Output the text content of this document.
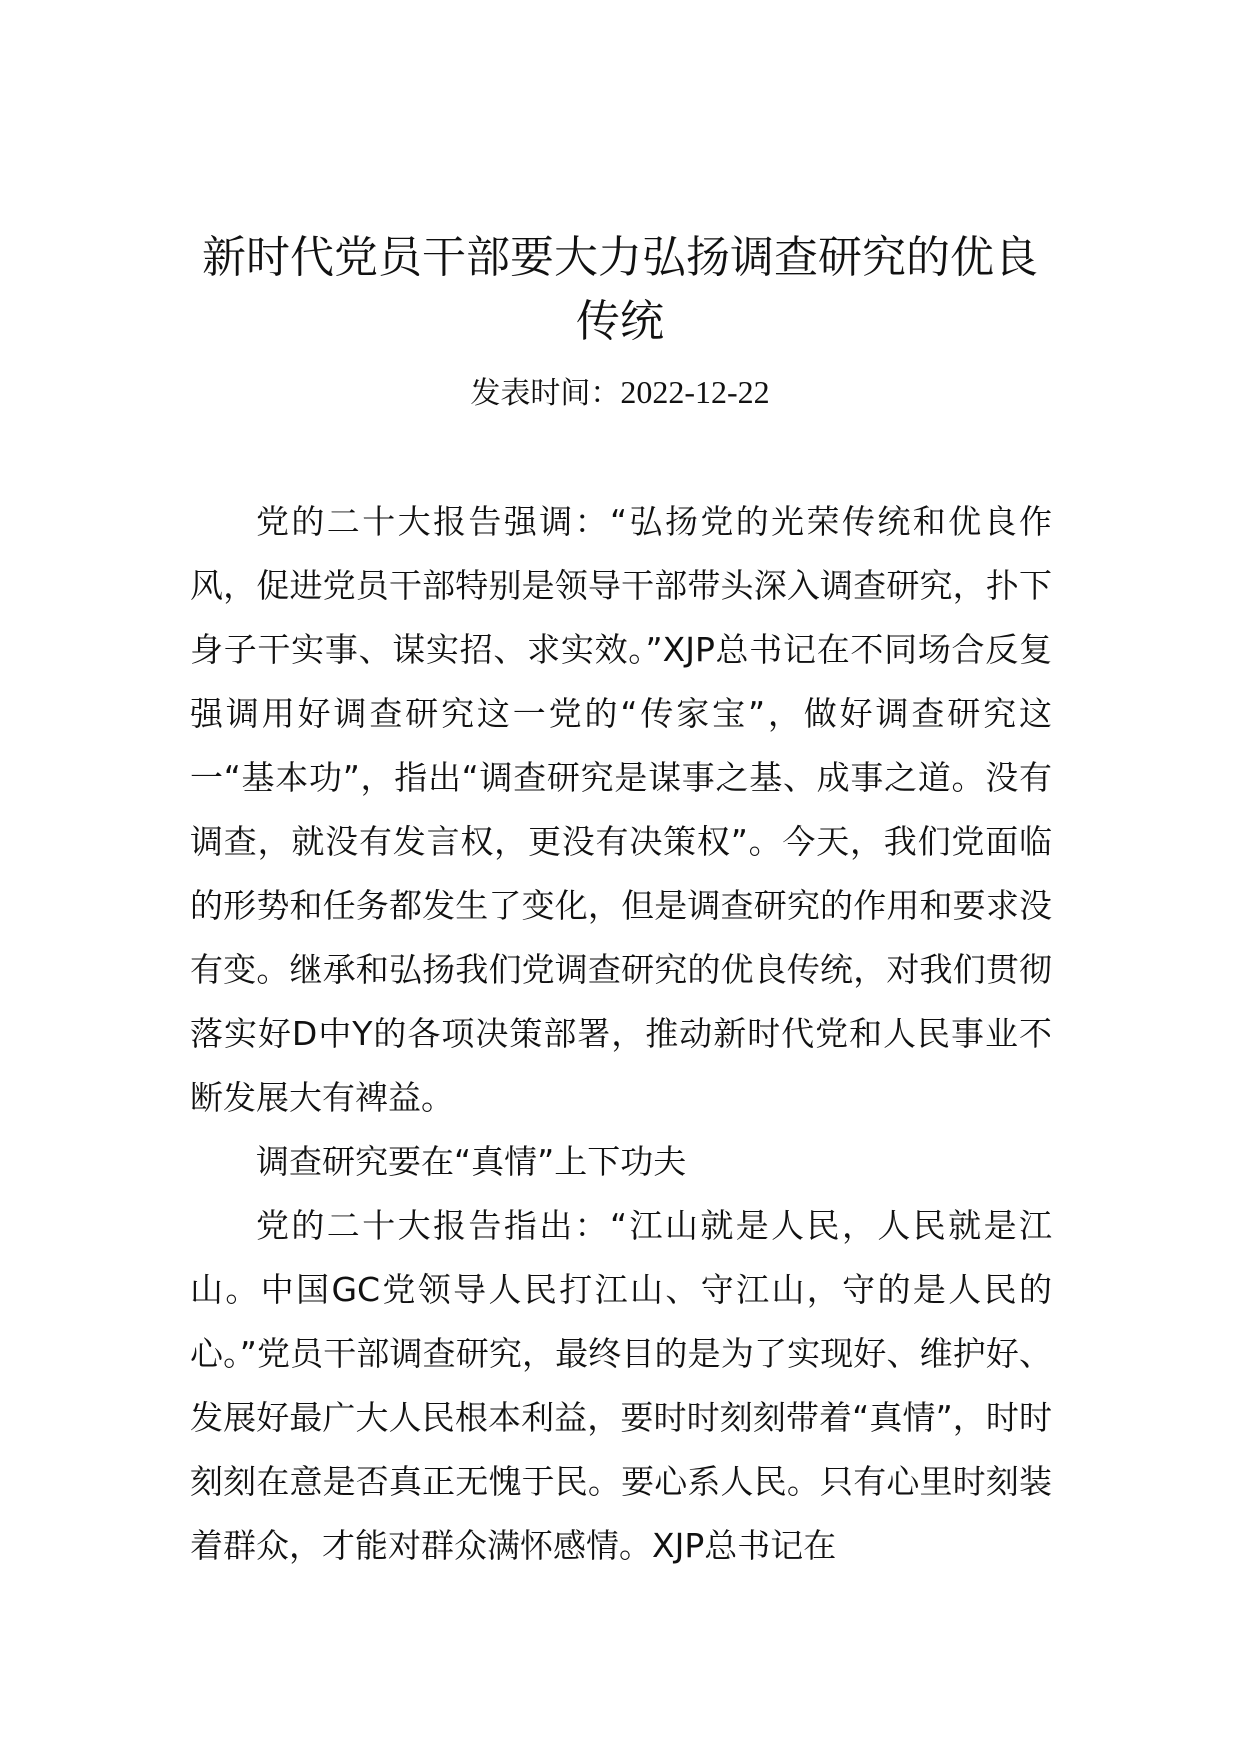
新时代党员干部要大力弘扬调查研究的优良传统
发表时间：2022-12-22

党的二十大报告强调：“弘扬党的光荣传统和优良作风，促进党员干部特别是领导干部带头深入调查研究，扑下身子干实事、谋实招、求实效。”XJP总书记在不同场合反复强调用好调查研究这一党的“传家宝”，做好调查研究这一“基本功”，指出“调查研究是谋事之基、成事之道。没有调查，就没有发言权，更没有决策权”。今天，我们党面临的形势和任务都发生了变化，但是调查研究的作用和要求没有变。继承和弘扬我们党调查研究的优良传统，对我们贯彻落实好D中Y的各项决策部署，推动新时代党和人民事业不断发展大有裨益。

调查研究要在“真情”上下功夫

党的二十大报告指出：“江山就是人民，人民就是江山。中国GC党领导人民打江山、守江山，守的是人民的心。”党员干部调查研究，最终目的是为了实现好、维护好、发展好最广大人民根本利益，要时时刻刻带着“真情”，时时刻刻在意是否真正无愧于民。要心系人民。只有心里时刻装着群众，才能对群众满怀感情。XJP总书记在
